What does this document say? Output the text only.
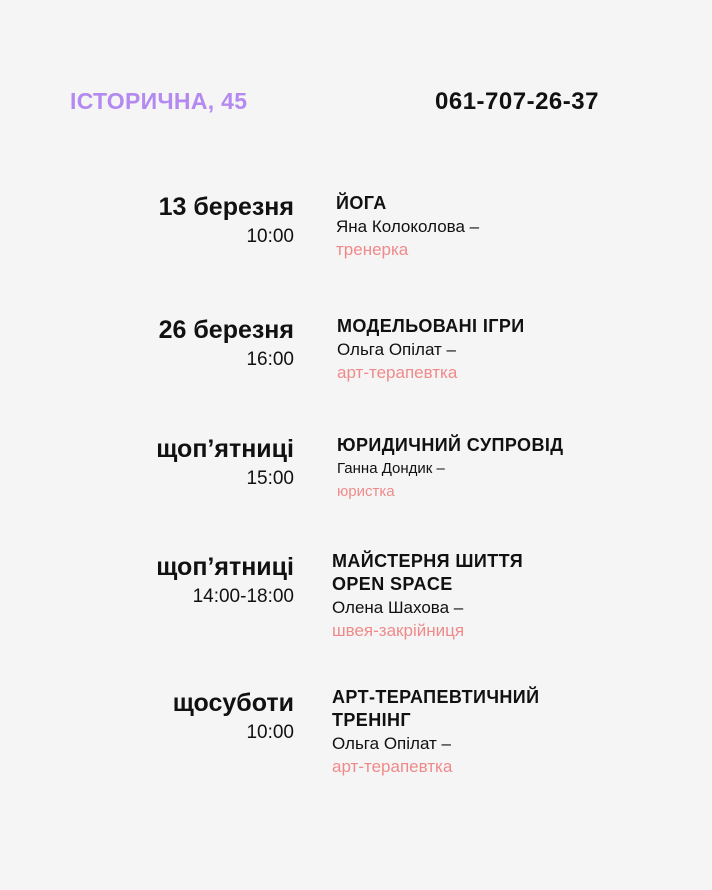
ІСТОРИЧНА, 45	061-707-26-37
13 березня
10:00
ЙОГА
Яна Колоколова –
тренерка
26 березня
16:00
МОДЕЛЬОВАНІ ІГРИ
Ольга Опілат –
арт-терапевтка
щоп’ятниці
15:00
ЮРИДИЧНИЙ СУПРОВІД
Ганна Дондик –
юристка
щоп’ятниці
14:00-18:00
МАЙСТЕРНЯ ШИТТЯ
OPEN SPACE
Олена Шахова –
швея-закрійниця
щосуботи
10:00
АРТ-ТЕРАПЕВТИЧНИЙ
ТРЕНІНГ
Ольга Опілат –
арт-терапевтка
